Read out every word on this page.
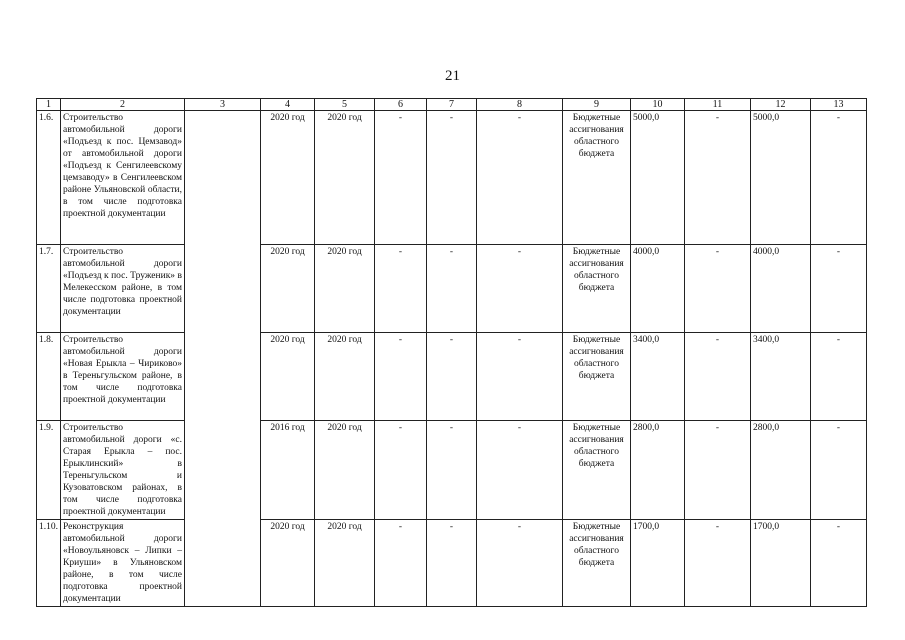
21
1	2	3	4	5	6	7	8	9	10	11	12	13
1.6.	Строительство автомобильной дороги «Подъезд к пос. Цемзавод» от автомобильной дороги «Подъезд к Сенгилеевскому цемзаводу» в Сенгилеевском районе Ульяновской области, в том числе подготовка проектной документации		2020 год	2020 год	-	-	-	Бюджетные ассигнования областного бюджета	5000,0	-	5000,0	-
1.7.	Строительство автомобильной дороги «Подъезд к пос. Труженик» в Мелекесском районе, в том числе подготовка проектной документации		2020 год	2020 год	-	-	-	Бюджетные ассигнования областного бюджета	4000,0	-	4000,0	-
1.8.	Строительство автомобильной дороги «Новая Ерыкла – Чириково» в Тереньгульском районе, в том числе подготовка проектной документации		2020 год	2020 год	-	-	-	Бюджетные ассигнования областного бюджета	3400,0	-	3400,0	-
1.9.	Строительство автомобильной дороги «с. Старая Ерыкла – пос. Ерыклинский» в Тереньгульском и Кузоватовском районах, в том числе подготовка проектной документации		2016 год	2020 год	-	-	-	Бюджетные ассигнования областного бюджета	2800,0	-	2800,0	-
1.10.	Реконструкция автомобильной дороги «Новоульяновск – Липки – Криуши» в Ульяновском районе, в том числе подготовка проектной документации		2020 год	2020 год	-	-	-	Бюджетные ассигнования областного бюджета	1700,0	-	1700,0	-
